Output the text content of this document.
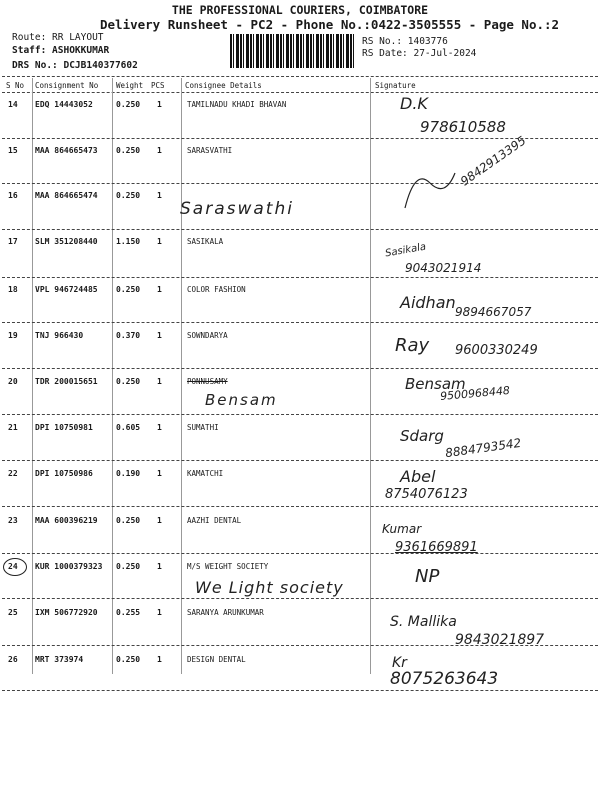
THE PROFESSIONAL COURIERS, COIMBATORE
Delivery Runsheet - PC2 - Phone No.:0422-3505555 - Page No.:2
Route: RR LAYOUT
Staff: ASHOKKUMAR
DRS No.: DCJB140377602
RS No.: 1403776
RS Date: 27-Jul-2024
S No Consignment No Weight PCS	Consignee Details	Signature
14 EDQ 14443052	0.250 1	TAMILNADU KHADI BHAVAN	D.K
978610588
15 MAA 864665473 0.250 1	SARASVATHI	9842913395
16 MAA 864665474 0.250 1
Saraswathi
17 SLM 351208440 1.150 1	SASIKALA	Sasikala
9043021914
18 VPL 946724485 0.250 1	COLOR FASHION
Aidhan 9894667057
19 TNJ 966430	0.370 1	SOWNDARYA	Ray 9600330249
20 TDR 200015651 0.250 1	PONNUSAMY
Bensam
Bensam
9500968448
21 DPI 10750981	0.605 1	SUMATHI	Sdarg 8884793542
22 DPI 10750986	0.190 1	KAMATCHI	Abel
8754076123
23 MAA 600396219 0.250 1	AAZHI DENTAL
Kumar
9361669891
24 KUR 1000379323 0.250 1	M/S WEIGHT SOCIETY
We Light society
NP
25 IXM 506772920 0.255 1	SARANYA ARUNKUMAR
S. Mallika
9843021897
26 MRT 373974	0.250 1	DESIGN DENTAL	Kr
8075263643
